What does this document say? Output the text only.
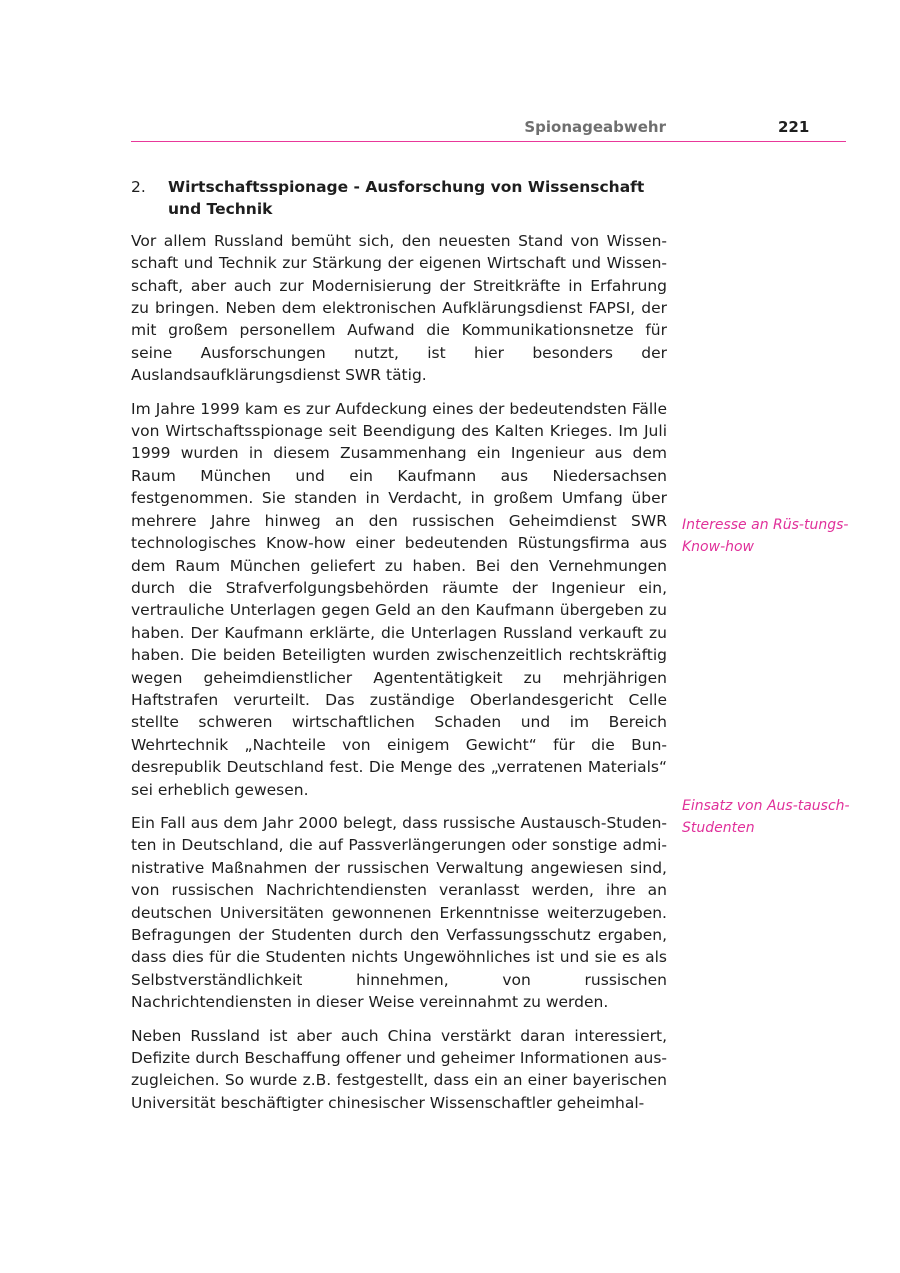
Spionageabwehr	221
2.	Wirtschaftsspionage - Ausforschung von Wissenschaft und Technik

Vor allem Russland bemüht sich, den neuesten Stand von Wissenschaft und Technik zur Stärkung der eigenen Wirtschaft und Wissenschaft, aber auch zur Modernisierung der Streitkräfte in Erfahrung zu bringen. Neben dem elektronischen Aufklärungsdienst FAPSI, der mit großem personellem Aufwand die Kommunikationsnetze für seine Ausforschungen nutzt, ist hier besonders der Auslandsaufklärungsdienst SWR tätig.

Im Jahre 1999 kam es zur Aufdeckung eines der bedeutendsten Fälle von Wirtschaftsspionage seit Beendigung des Kalten Krieges. Im Juli 1999 wurden in diesem Zusammenhang ein Ingenieur aus dem Raum München und ein Kaufmann aus Niedersachsen festgenommen. Sie standen in Verdacht, in großem Umfang über mehrere Jahre hinweg an den russischen Geheimdienst SWR technologisches Know-how einer bedeutenden Rüstungsfirma aus dem Raum München geliefert zu haben. Bei den Vernehmungen durch die Strafverfolgungsbehörden räumte der Ingenieur ein, vertrauliche Unterlagen gegen Geld an den Kaufmann übergeben zu haben. Der Kaufmann erklärte, die Unterlagen Russland verkauft zu haben. Die beiden Beteiligten wurden zwischenzeitlich rechtskräftig wegen geheimdienstlicher Agententätigkeit zu mehrjährigen Haftstrafen verurteilt. Das zuständige Oberlandesgericht Celle stellte schweren wirtschaftlichen Schaden und im Bereich Wehrtechnik „Nachteile von einigem Gewicht“ für die Bundesrepublik Deutschland fest. Die Menge des „verratenen Materials“ sei erheblich gewesen.

Ein Fall aus dem Jahr 2000 belegt, dass russische Austausch-Studenten in Deutschland, die auf Passverlängerungen oder sonstige administrative Maßnahmen der russischen Verwaltung angewiesen sind, von russischen Nachrichtendiensten veranlasst werden, ihre an deutschen Universitäten gewonnenen Erkenntnisse weiterzugeben. Befragungen der Studenten durch den Verfassungsschutz ergaben, dass dies für die Studenten nichts Ungewöhnliches ist und sie es als Selbstverständlichkeit hinnehmen, von russischen Nachrichtendiensten in dieser Weise vereinnahmt zu werden.

Neben Russland ist aber auch China verstärkt daran interessiert, Defizite durch Beschaffung offener und geheimer Informationen auszugleichen. So wurde z.B. festgestellt, dass ein an einer bayerischen Universität beschäftigter chinesischer Wissenschaftler geheimhal-

Interesse an Rüs-tungs-Know-how
Einsatz von Aus-tausch-Studenten
